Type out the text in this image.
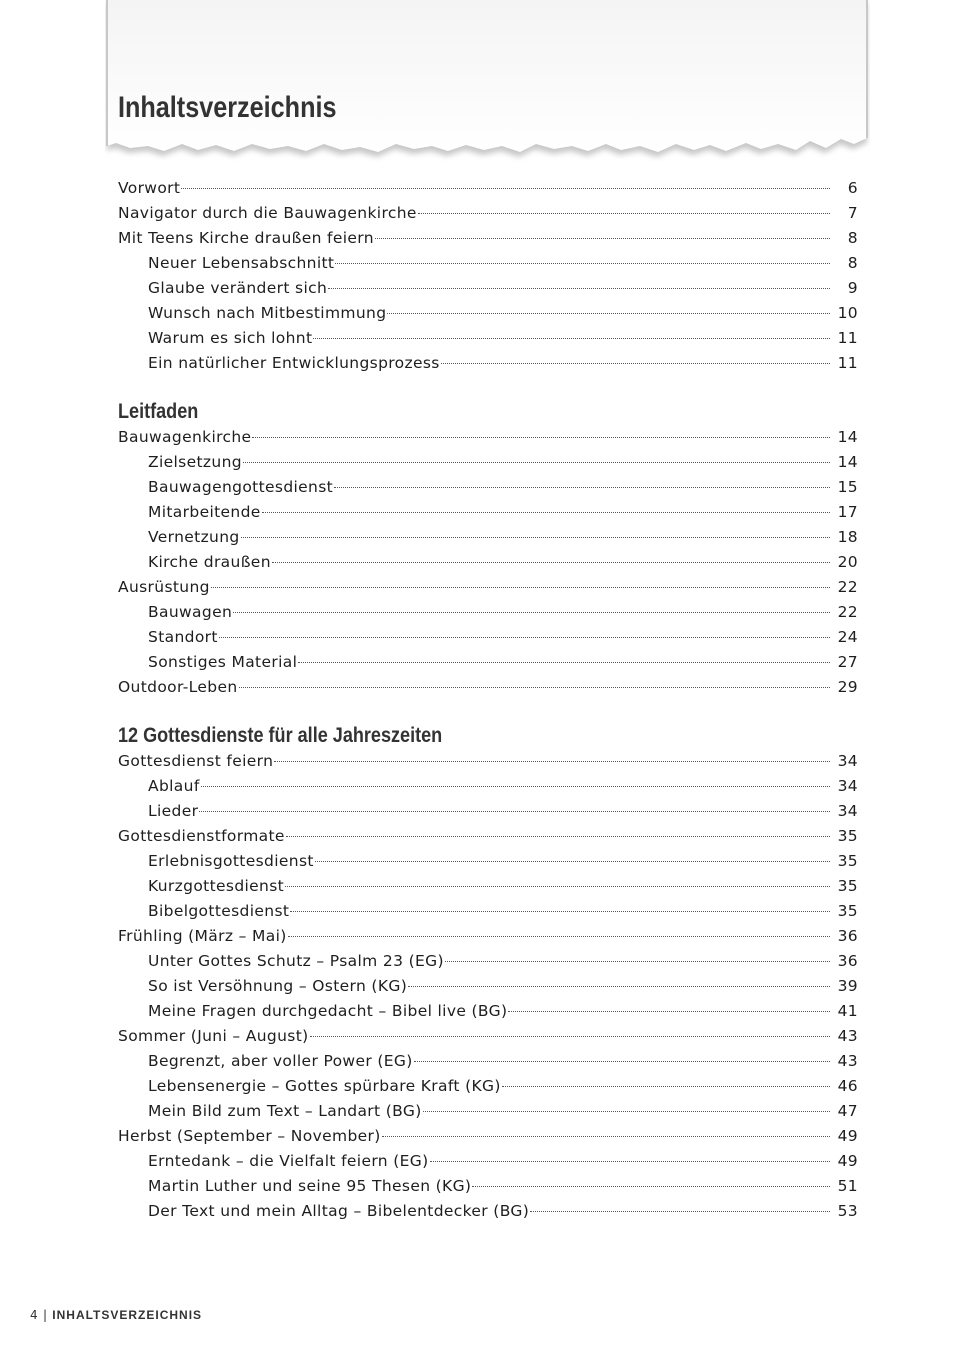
Inhaltsverzeichnis
Vorwort	6
Navigator durch die Bauwagenkirche	7
Mit Teens Kirche draußen feiern	8
Neuer Lebensabschnitt	8
Glaube verändert sich	9
Wunsch nach Mitbestimmung	10
Warum es sich lohnt	11
Ein natürlicher Entwicklungsprozess	11
Leitfaden
Bauwagenkirche	14
Zielsetzung	14
Bauwagengottesdienst	15
Mitarbeitende	17
Vernetzung	18
Kirche draußen	20
Ausrüstung	22
Bauwagen	22
Standort	24
Sonstiges Material	27
Outdoor-Leben	29
12 Gottesdienste für alle Jahreszeiten
Gottesdienst feiern	34
Ablauf	34
Lieder	34
Gottesdienstformate	35
Erlebnisgottesdienst	35
Kurzgottesdienst	35
Bibelgottesdienst	35
Frühling (März – Mai)	36
Unter Gottes Schutz – Psalm 23 (EG)	36
So ist Versöhnung – Ostern (KG)	39
Meine Fragen durchgedacht – Bibel live (BG)	41
Sommer (Juni – August)	43
Begrenzt, aber voller Power (EG)	43
Lebensenergie – Gottes spürbare Kraft (KG)	46
Mein Bild zum Text – Landart (BG)	47
Herbst (September – November)	49
Erntedank – die Vielfalt feiern (EG)	49
Martin Luther und seine 95 Thesen (KG)	51
Der Text und mein Alltag – Bibelentdecker (BG)	53
4 | INHALTSVERZEICHNIS
